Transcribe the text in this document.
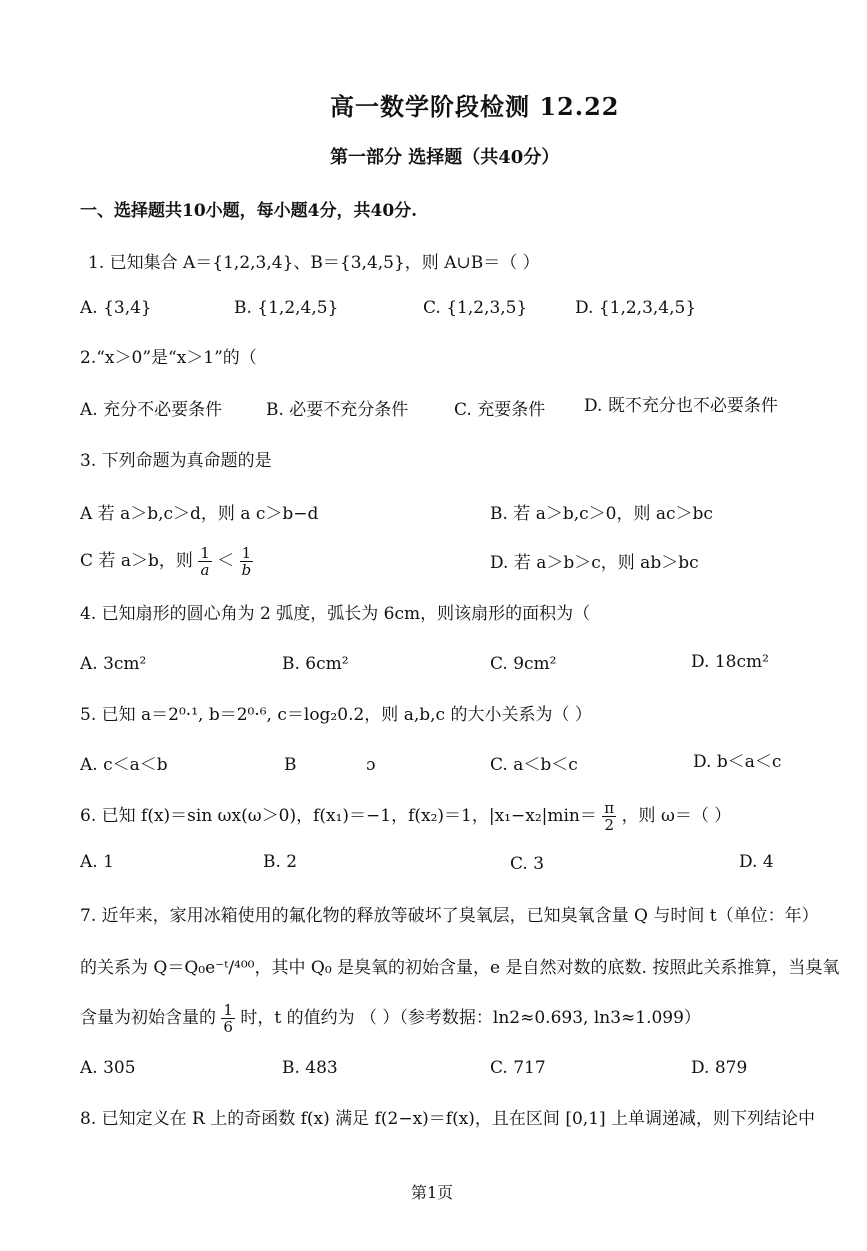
高一数学阶段检测 12.22
第一部分 选择题（共40分）
一、选择题共10小题，每小题4分，共40分.
1. 已知集合 A＝{1,2,3,4}、B＝{3,4,5}，则 A∪B＝（ ）
A. {3,4}	B. {1,2,4,5}	C. {1,2,3,5}	D. {1,2,3,4,5}
2.“x＞0”是“x＞1”的（
A. 充分不必要条件	B. 必要不充分条件	C. 充要条件 D. 既不充分也不必要条件
3. 下列命题为真命题的是
A 若 a＞b,c＞d，则 a c＞b−d	B. 若 a＞b,c＞0，则 ac＞bc
C 若 a＞b，则 $\frac{1}{a} < \frac{1}{b}$	D. 若 a＞b＞c，则 ab＞bc
4. 已知扇形的圆心角为 2 弧度，弧长为 6cm，则该扇形的面积为（
A. 3cm²	B. 6cm²	C. 9cm²	D. 18cm²
5. 已知 a＝2⁰·¹, b＝2⁰·⁶, c＝log₂0.2，则 a,b,c 的大小关系为（ ）
A. c＜a＜b	B	ɔ	C. a＜b＜c	D. b＜a＜c
6. 已知 f(x)＝sin ωx(ω＞0)，f(x₁)＝−1，f(x₂)＝1，$|x_1-x_2|\min= \frac{\pi}{2}$ ，则 ω＝（ ）
A. 1	B. 2	C. 3	D. 4
7. 近年来，家用冰箱使用的氟化物的释放等破坏了臭氧层，已知臭氧含量 Q 与时间 t（单位：年）
的关系为 Q＝Q₀e⁻ᵗ/⁴⁰⁰，其中 Q₀ 是臭氧的初始含量，e 是自然对数的底数. 按照此关系推算，当臭氧
含量为初始含量的 $\frac{1}{6}$ 时，t 的值约为 （ ）（参考数据：ln2≈0.693, ln3≈1.099）
A. 305	B. 483	C. 717	D. 879
8. 已知定义在 R 上的奇函数 f(x) 满足 f(2−x)＝f(x)，且在区间 [0,1] 上单调递减，则下列结论中
第1页
